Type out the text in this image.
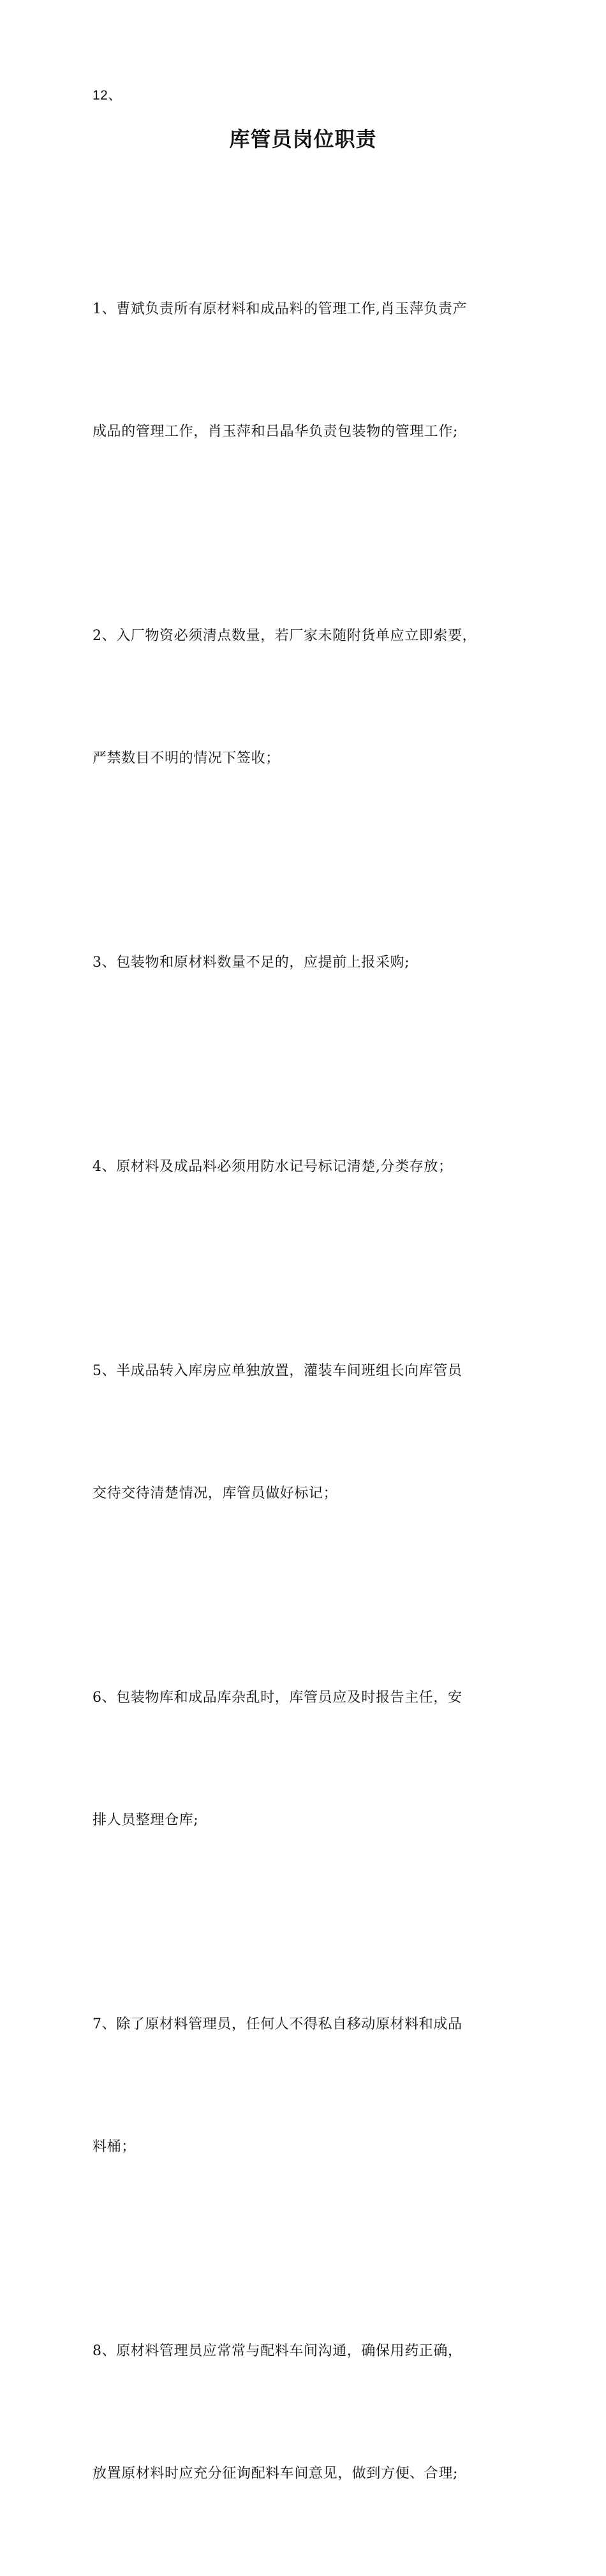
12、
库管员岗位职责

1、曹斌负责所有原材料和成品料的管理工作,肖玉萍负责产

成品的管理工作，肖玉萍和吕晶华负责包装物的管理工作;

2、入厂物资必须清点数量，若厂家未随附货单应立即索要，

严禁数目不明的情况下签收；

3、包装物和原材料数量不足的，应提前上报采购;

4、原材料及成品料必须用防水记号标记清楚,分类存放；

5、半成品转入库房应单独放置，灌装车间班组长向库管员

交待交待清楚情况，库管员做好标记；

6、包装物库和成品库杂乱时，库管员应及时报告主任，安

排人员整理仓库;

7、除了原材料管理员，任何人不得私自移动原材料和成品

料桶；

8、原材料管理员应常常与配料车间沟通，确保用药正确，

放置原材料时应充分征询配料车间意见，做到方便、合理;
